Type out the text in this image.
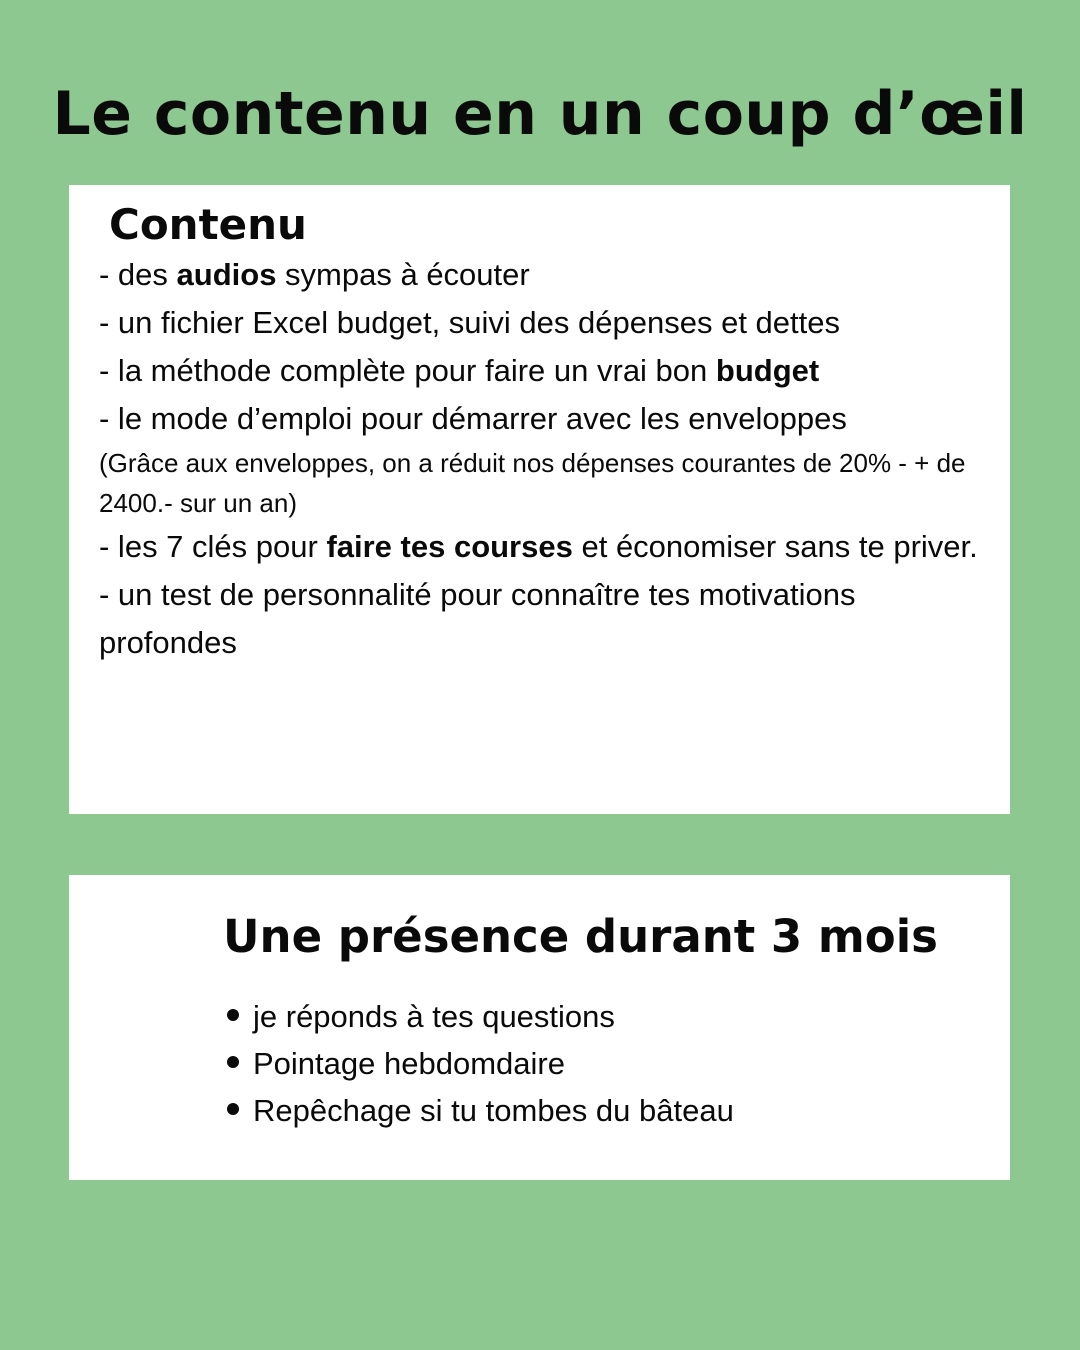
Le contenu en un coup d’œil
Contenu
- des audios sympas à écouter
- un fichier Excel budget, suivi des dépenses et dettes
- la méthode complète pour faire un vrai bon budget
- le mode d’emploi pour démarrer avec les enveloppes
(Grâce aux enveloppes, on a réduit nos dépenses courantes de 20% - + de 2400.- sur un an)
- les 7 clés pour faire tes courses et économiser sans te priver.
- un test de personnalité pour connaître tes motivations profondes
Une présence durant 3 mois
je réponds à tes questions
Pointage hebdomdaire
Repêchage si tu tombes du bâteau
